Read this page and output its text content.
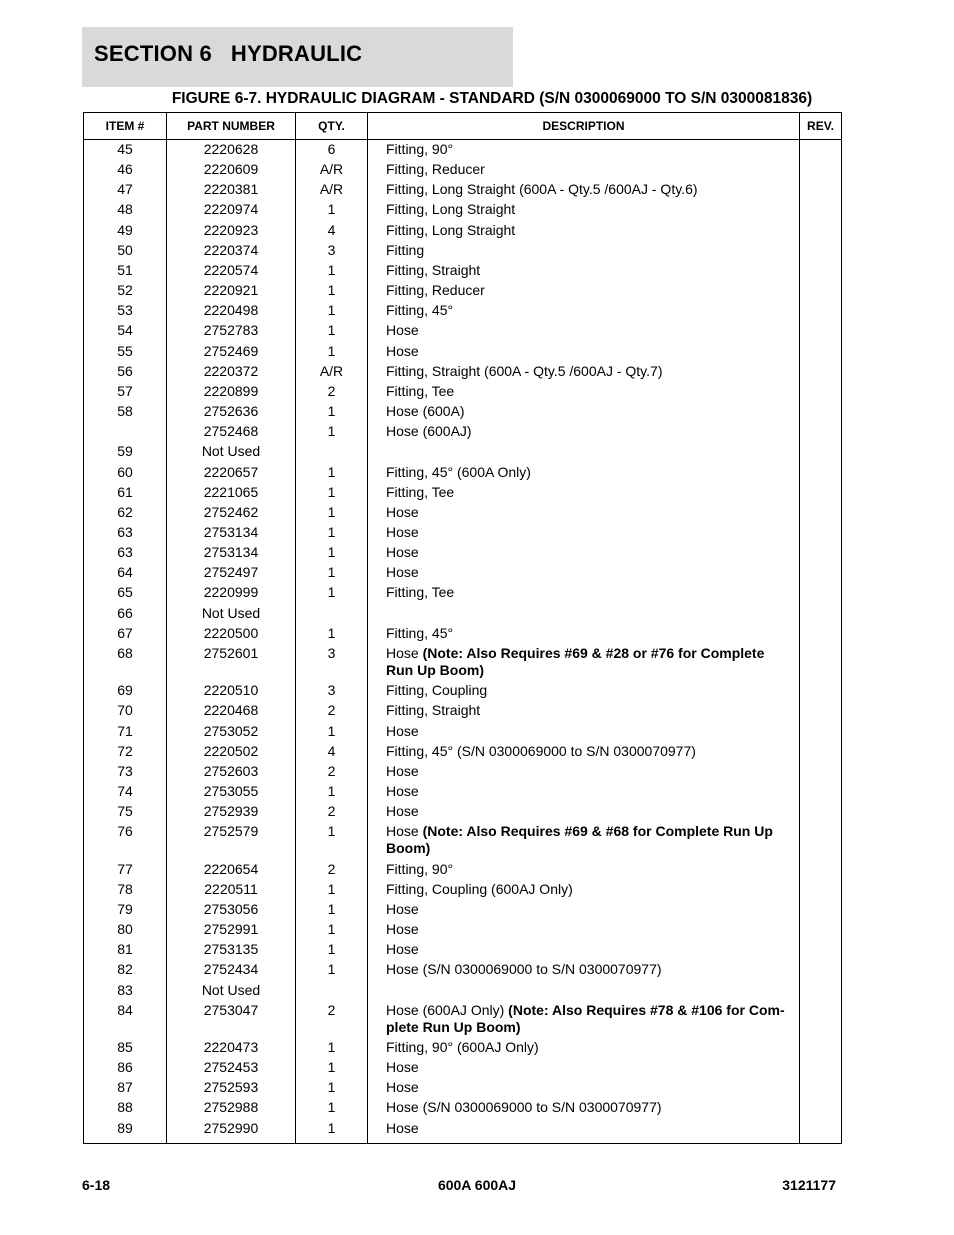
SECTION 6   HYDRAULIC
FIGURE 6-7. HYDRAULIC DIAGRAM - STANDARD (S/N 0300069000 TO S/N 0300081836)
ITEM #	PART NUMBER	QTY.	DESCRIPTION	REV.
45	2220628	6	Fitting, 90°	
46	2220609	A/R	Fitting, Reducer	
47	2220381	A/R	Fitting, Long Straight (600A - Qty.5 /600AJ - Qty.6)	
48	2220974	1	Fitting, Long Straight	
49	2220923	4	Fitting, Long Straight	
50	2220374	3	Fitting	
51	2220574	1	Fitting, Straight	
52	2220921	1	Fitting, Reducer	
53	2220498	1	Fitting, 45°	
54	2752783	1	Hose	
55	2752469	1	Hose	
56	2220372	A/R	Fitting, Straight (600A - Qty.5 /600AJ - Qty.7)	
57	2220899	2	Fitting, Tee	
58	2752636	1	Hose (600A)	
	2752468	1	Hose (600AJ)	
59	Not Used			
60	2220657	1	Fitting, 45° (600A Only)	
61	2221065	1	Fitting, Tee	
62	2752462	1	Hose	
63	2753134	1	Hose	
63	2753134	1	Hose	
64	2752497	1	Hose	
65	2220999	1	Fitting, Tee	
66	Not Used			
67	2220500	1	Fitting, 45°	
68	2752601	3	Hose (Note: Also Requires #69 & #28 or #76 for Complete Run Up Boom)	
69	2220510	3	Fitting, Coupling	
70	2220468	2	Fitting, Straight	
71	2753052	1	Hose	
72	2220502	4	Fitting, 45° (S/N 0300069000 to S/N 0300070977)	
73	2752603	2	Hose	
74	2753055	1	Hose	
75	2752939	2	Hose	
76	2752579	1	Hose (Note: Also Requires #69 & #68 for Complete Run Up Boom)	
77	2220654	2	Fitting, 90°	
78	2220511	1	Fitting, Coupling (600AJ Only)	
79	2753056	1	Hose	
80	2752991	1	Hose	
81	2753135	1	Hose	
82	2752434	1	Hose (S/N 0300069000 to S/N 0300070977)	
83	Not Used			
84	2753047	2	Hose (600AJ Only) (Note: Also Requires #78 & #106 for Com-plete Run Up Boom)	
85	2220473	1	Fitting, 90° (600AJ Only)	
86	2752453	1	Hose	
87	2752593	1	Hose	
88	2752988	1	Hose (S/N 0300069000 to S/N 0300070977)	
89	2752990	1	Hose	

6-18	600A 600AJ	3121177
